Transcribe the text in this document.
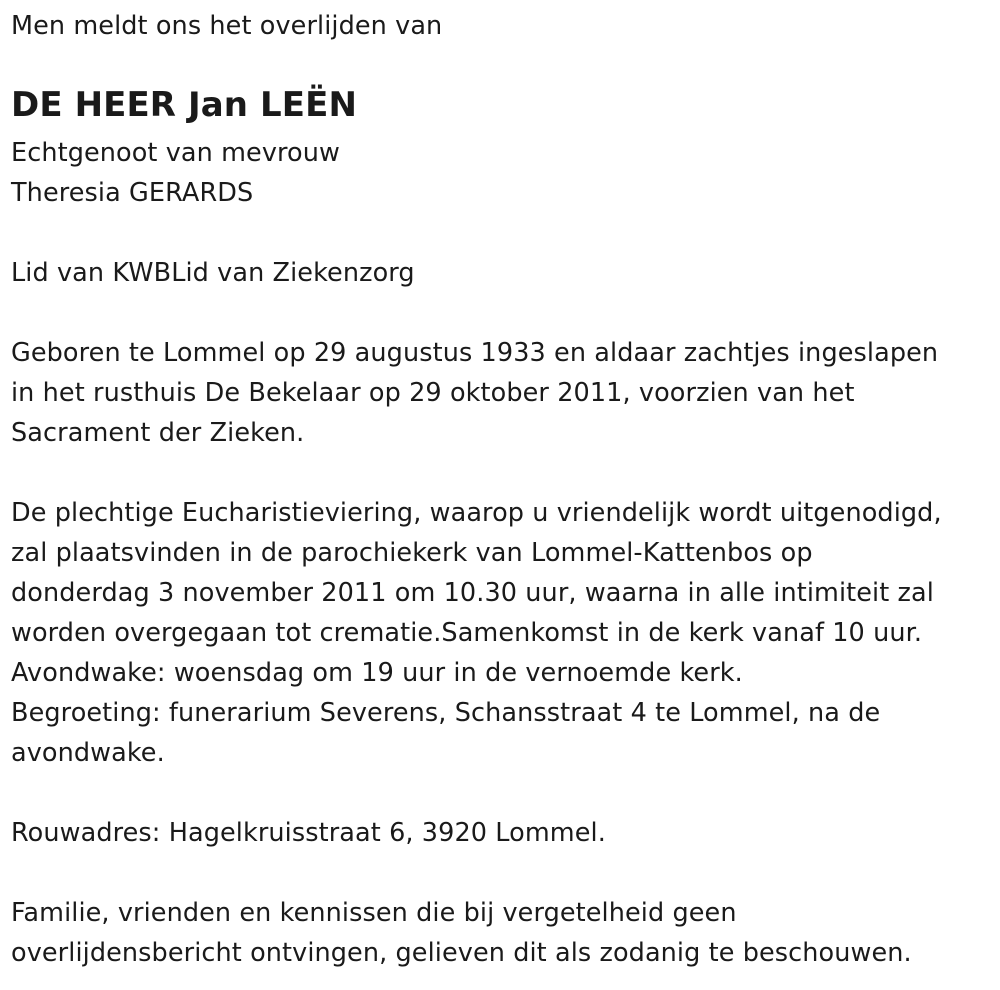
Men meldt ons het overlijden van
DE HEER Jan LEËN
Echtgenoot van mevrouw
Theresia GERARDS
Lid van KWBLid van Ziekenzorg
Geboren te Lommel op 29 augustus 1933 en aldaar zachtjes ingeslapen
in het rusthuis De Bekelaar op 29 oktober 2011, voorzien van het
Sacrament der Zieken.
De plechtige Eucharistieviering, waarop u vriendelijk wordt uitgenodigd,
zal plaatsvinden in de parochiekerk van Lommel-Kattenbos op
donderdag 3 november 2011 om 10.30 uur, waarna in alle intimiteit zal
worden overgegaan tot crematie.Samenkomst in de kerk vanaf 10 uur.
Avondwake: woensdag om 19 uur in de vernoemde kerk.
Begroeting: funerarium Severens, Schansstraat 4 te Lommel, na de
avondwake.
Rouwadres: Hagelkruisstraat 6, 3920 Lommel.
Familie, vrienden en kennissen die bij vergetelheid geen
overlijdensbericht ontvingen, gelieven dit als zodanig te beschouwen.
